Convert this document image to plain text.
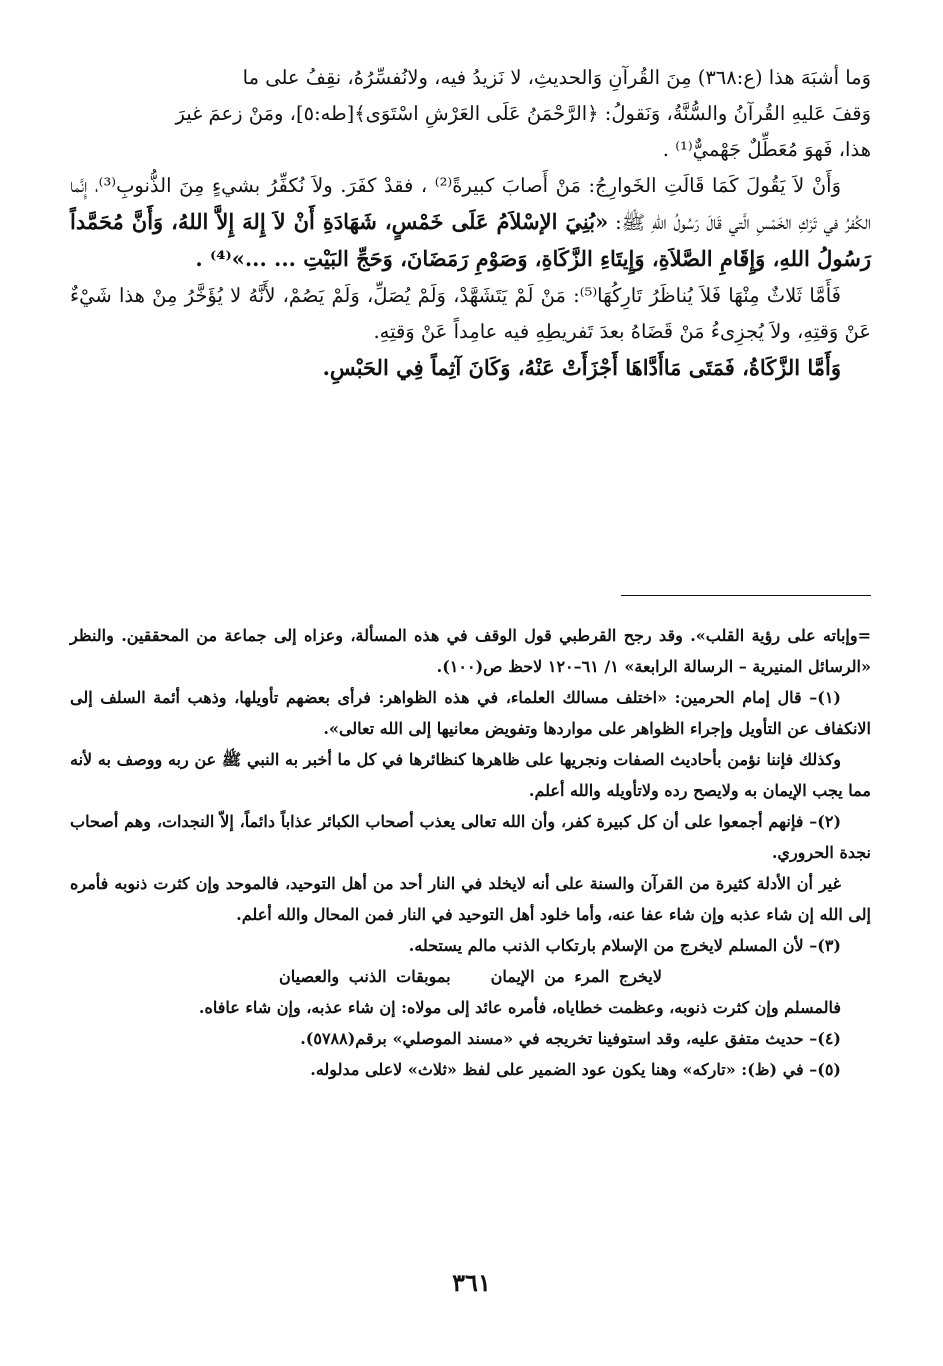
وَما أشبَهَ هذا (ع:٣٦٨) مِنَ القُرآنِ وَالحديثِ، لا نَزيدُ فيه، ولانُفسِّرُهُ، نقِفُ على ما

وَقفَ عَليهِ القُرآنُ والسُّنَّةُ، وَنَقولُ: ﴿الرَّحْمَنُ عَلَى العَرْشِ اسْتَوَى﴾[طه:٥]، ومَنْ زعمَ غيرَ

هذا، فَهوَ مُعَطِّلٌ جَهْميٌّ⁽¹⁾ .

وَأَنْ لاَ يَقُولَ كَمَا قَالَتِ الخَوارِجُ: مَنْ أَصابَ كبيرةً⁽²⁾ ، فقدْ كفَرَ. ولاَ نُكفِّرُ بشيءٍ مِنَ الذُّنوبِ⁽³⁾، إِنَّما الكُفرُ في تَرْكِ الخَمْسِ الَّتي قَالَ رَسُولُ اللهِ ﷺ: «بُنِيَ الإسْلاَمُ عَلَى خَمْسٍ، شَهَادَةِ أَنْ لاَ إِلهَ إِلاَّ اللهُ، وَأَنَّ مُحَمَّداً رَسُولُ اللهِ، وَإِقَامِ الصَّلاَةِ، وَإِيتَاءِ الزَّكَاةِ، وَصَوْمِ رَمَضَانَ، وَحَجِّ البَيْتِ ... ...»⁽⁴⁾ .

فَأَمَّا ثَلاثٌ مِنْهَا فَلاَ يُناظَرُ تَارِكُهَا⁽⁵⁾: مَنْ لَمْ يَتَشَهَّدْ، وَلَمْ يُصَلِّ، وَلَمْ يَصُمْ، لأَنَّهُ لا يُؤَخَّرُ مِنْ هذا شَيْءٌ عَنْ وَقتِهِ، ولاَ يُجزِىءُ مَنْ قَضَاهُ بعدَ تَفريطِهِ فيه عامِداً عَنْ وَقتِهِ.

وَأَمَّا الزَّكَاةُ، فَمَتَى مَاأَدَّاهَا أَجْزَأَتْ عَنْهُ، وَكَانَ آثِماً فِي الحَبْسِ.

=وإباته على رؤية القلب». وقد رجح القرطبي قول الوقف في هذه المسألة، وعزاه إلى جماعة من المحققين. والنظر «الرسائل المنيرية – الرسالة الرابعة» ١/ ٦١–١٢٠ لاحظ ص(١٠٠).

(١)– قال إمام الحرمين: «اختلف مسالك العلماء، في هذه الظواهر: فرأى بعضهم تأويلها، وذهب أئمة السلف إلى الانكفاف عن التأويل وإجراء الظواهر على مواردها وتفويض معانيها إلى الله تعالى».

وكذلك فإننا نؤمن بأحاديث الصفات ونجريها على ظاهرها كنظائرها في كل ما أخبر به النبي ﷺ عن ربه ووصف به لأنه مما يجب الإيمان به ولايصح رده ولاتأويله والله أعلم.

(٢)– فإنهم أجمعوا على أن كل كبيرة كفر، وأن الله تعالى يعذب أصحاب الكبائر عذاباً دائماً، إلاّ النجدات، وهم أصحاب نجدة الحروري.

غير أن الأدلة كثيرة من القرآن والسنة على أنه لايخلد في النار أحد من أهل التوحيد، فالموحد وإن كثرت ذنوبه فأمره إلى الله إن شاء عذبه وإن شاء عفا عنه، وأما خلود أهل التوحيد في النار فمن المحال والله أعلم.

(٣)– لأن المسلم لايخرج من الإسلام بارتكاب الذنب مالم يستحله.

لايخرج المرء من الإيمانبموبقات الذنب والعصيان

فالمسلم وإن كثرت ذنوبه، وعظمت خطاياه، فأمره عائد إلى مولاه: إن شاء عذبه، وإن شاء عافاه.

(٤)– حديث متفق عليه، وقد استوفينا تخريجه في «مسند الموصلي» برقم(٥٧٨٨).

(٥)– في (ظ): «تاركه» وهنا يكون عود الضمير على لفظ «ثلاث» لاعلى مدلوله.

٣٦١
